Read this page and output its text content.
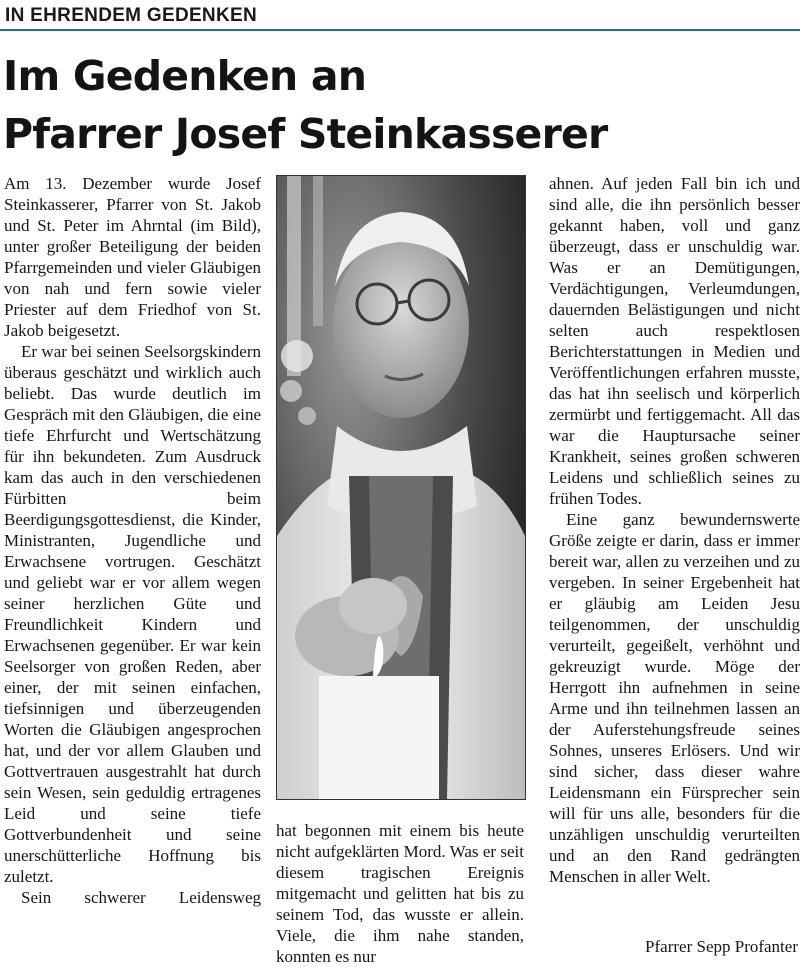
IN EHRENDEM GEDENKEN
Im Gedenken an
Pfarrer Josef Steinkasserer

Am 13. Dezember wurde Josef Steinkasserer, Pfarrer von St. Jakob und St. Peter im Ahrntal (im Bild), unter großer Beteiligung der beiden Pfarrgemeinden und vieler Gläubigen von nah und fern sowie vieler Priester auf dem Friedhof von St. Jakob beigesetzt.

Er war bei seinen Seelsorgskindern überaus geschätzt und wirklich auch beliebt. Das wurde deutlich im Gespräch mit den Gläubigen, die eine tiefe Ehrfurcht und Wertschätzung für ihn bekundeten. Zum Ausdruck kam das auch in den verschiedenen Fürbitten beim Beerdigungsgottesdienst, die Kinder, Ministranten, Jugendliche und Erwachsene vortrugen. Geschätzt und geliebt war er vor allem wegen seiner herzlichen Güte und Freundlichkeit Kindern und Erwachsenen gegenüber. Er war kein Seelsorger von großen Reden, aber einer, der mit seinen einfachen, tiefsinnigen und überzeugenden Worten die Gläubigen angesprochen hat, und der vor allem Glauben und Gottvertrauen ausgestrahlt hat durch sein Wesen, sein geduldig ertragenes Leid und seine tiefe Gottverbundenheit und seine unerschütterliche Hoffnung bis zuletzt.

Sein schwerer Leidensweg

hat begonnen mit einem bis heute nicht aufgeklärten Mord. Was er seit diesem tragischen Ereignis mitgemacht und gelitten hat bis zu seinem Tod, das wusste er allein. Viele, die ihm nahe standen, konnten es nur

ahnen. Auf jeden Fall bin ich und sind alle, die ihn persönlich besser gekannt haben, voll und ganz überzeugt, dass er unschuldig war. Was er an Demütigungen, Verdächtigungen, Verleumdungen, dauernden Belästigungen und nicht selten auch respektlosen Berichterstattungen in Medien und Veröffentlichungen erfahren musste, das hat ihn seelisch und körperlich zermürbt und fertiggemacht. All das war die Hauptursache seiner Krankheit, seines großen schweren Leidens und schließlich seines zu frühen Todes.

Eine ganz bewundernswerte Größe zeigte er darin, dass er immer bereit war, allen zu verzeihen und zu vergeben. In seiner Ergebenheit hat er gläubig am Leiden Jesu teilgenommen, der unschuldig verurteilt, gegeißelt, verhöhnt und gekreuzigt wurde. Möge der Herrgott ihn aufnehmen in seine Arme und ihn teilnehmen lassen an der Auferstehungsfreude seines Sohnes, unseres Erlösers. Und wir sind sicher, dass dieser wahre Leidensmann ein Fürsprecher sein will für uns alle, besonders für die unzähligen unschuldig verurteilten und an den Rand gedrängten Menschen in aller Welt.

Pfarrer Sepp Profanter
